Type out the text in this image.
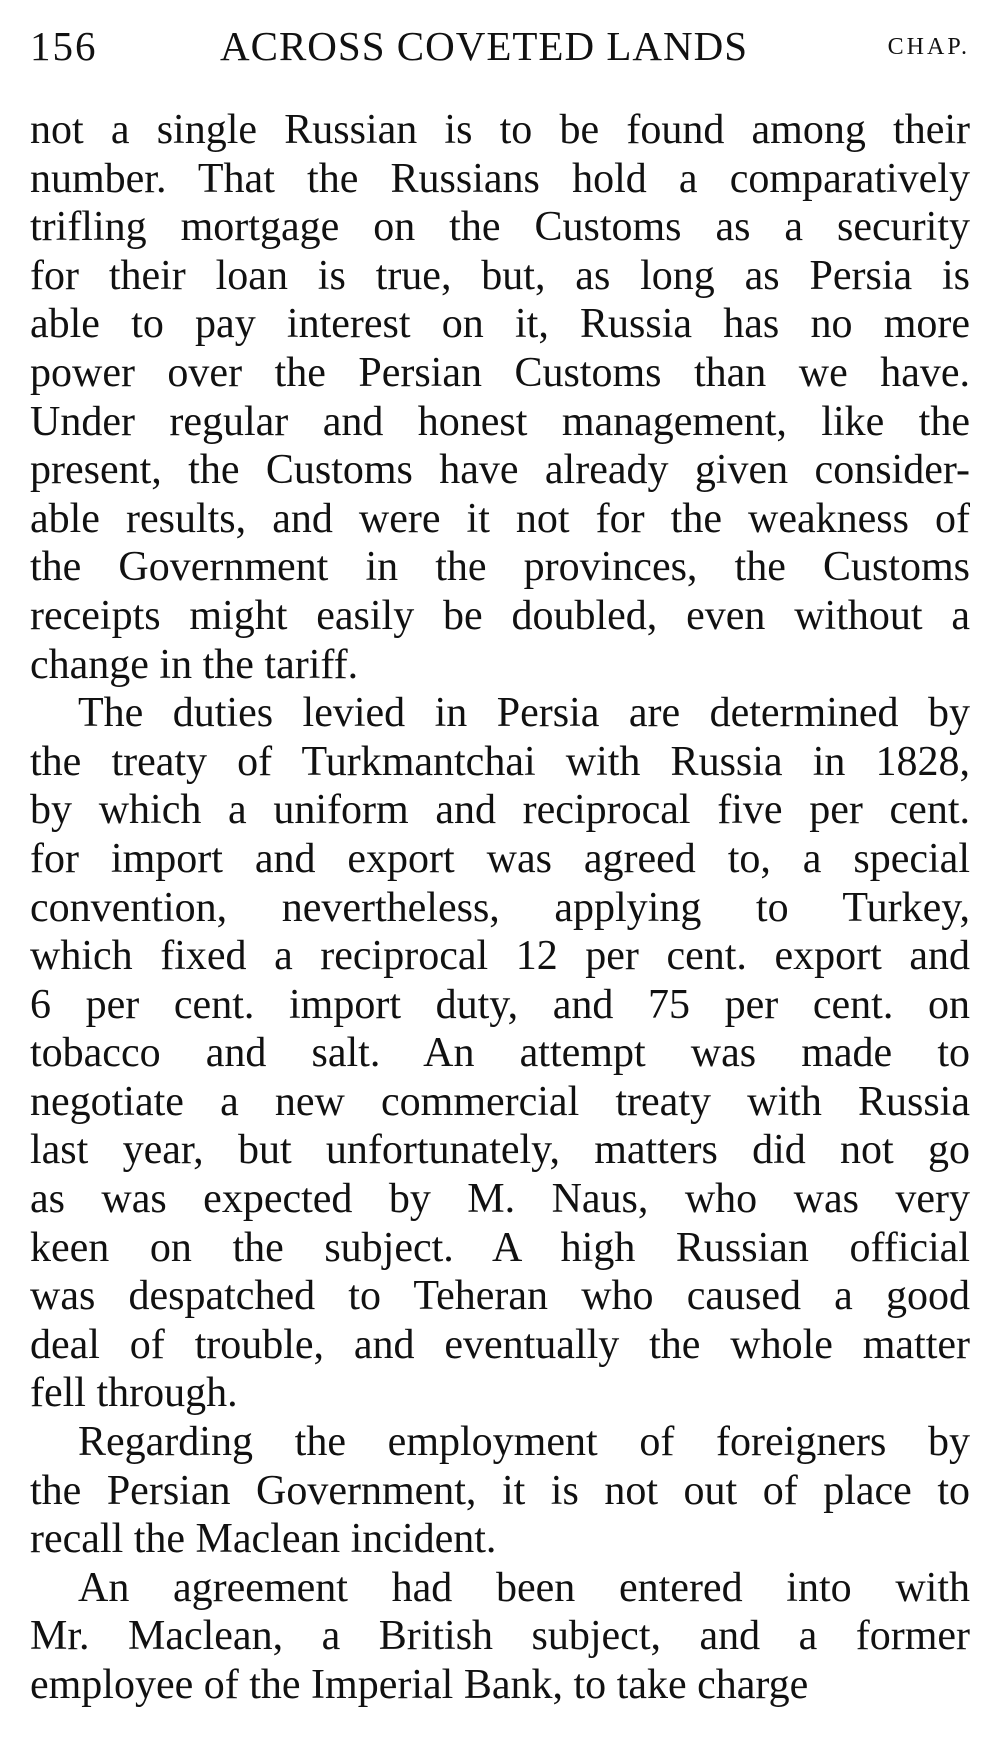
156	ACROSS COVETED LANDS	CHAP.
not a single Russian is to be found among their
number. That the Russians hold a comparatively
trifling mortgage on the Customs as a security
for their loan is true, but, as long as Persia is
able to pay interest on it, Russia has no more
power over the Persian Customs than we have.
Under regular and honest management, like the
present, the Customs have already given consider-
able results, and were it not for the weakness of
the Government in the provinces, the Customs
receipts might easily be doubled, even without a
change in the tariff.
The duties levied in Persia are determined by
the treaty of Turkmantchai with Russia in 1828,
by which a uniform and reciprocal five per cent.
for import and export was agreed to, a special
convention, nevertheless, applying to Turkey,
which fixed a reciprocal 12 per cent. export and
6 per cent. import duty, and 75 per cent. on
tobacco and salt. An attempt was made to
negotiate a new commercial treaty with Russia
last year, but unfortunately, matters did not go
as was expected by M. Naus, who was very
keen on the subject. A high Russian official
was despatched to Teheran who caused a good
deal of trouble, and eventually the whole matter
fell through.
Regarding the employment of foreigners by
the Persian Government, it is not out of place to
recall the Maclean incident.
An agreement had been entered into with
Mr. Maclean, a British subject, and a former
employee of the Imperial Bank, to take charge
